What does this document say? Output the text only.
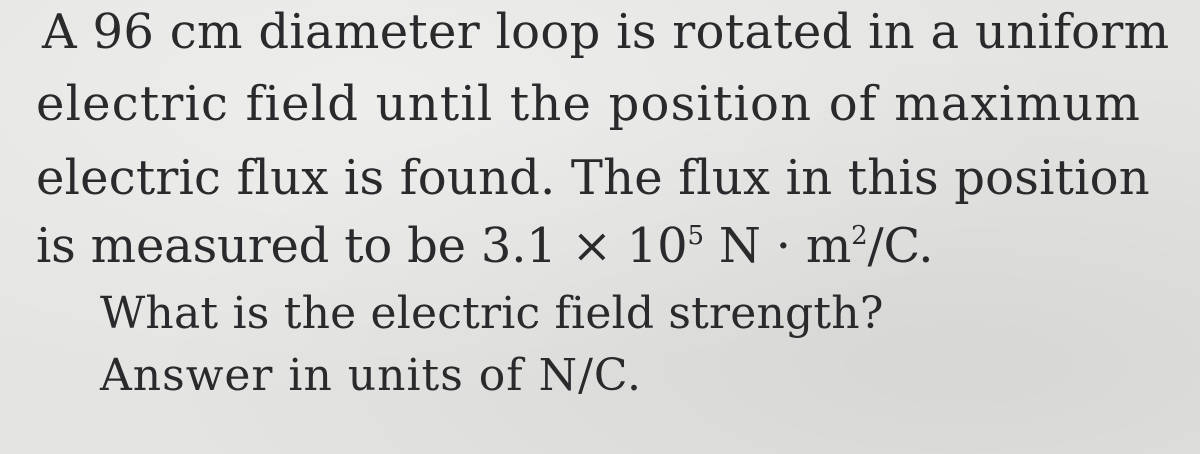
A 96 cm diameter loop is rotated in a uniform
electric field until the position of maximum
electric flux is found. The flux in this position
is measured to be $3.1 \times 10^5$ $N \cdot m^2/C$.
What is the electric field strength?
Answer in units of N/C.
